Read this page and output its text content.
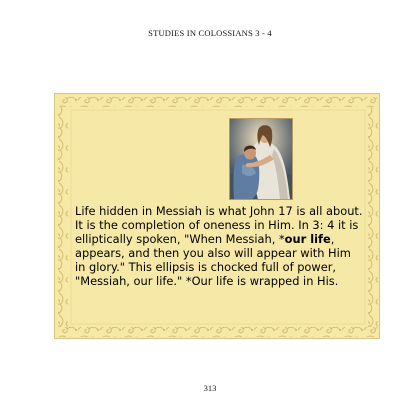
STUDIES IN COLOSSIANS 3 - 4

Life hidden in Messiah is what John 17 is all about. It is the completion of oneness in Him. In 3: 4 it is elliptically spoken, "When Messiah, *our life, appears, and then you also will appear with Him in glory." This ellipsis is chocked full of power, "Messiah, our life." *Our life is wrapped in His.

313
